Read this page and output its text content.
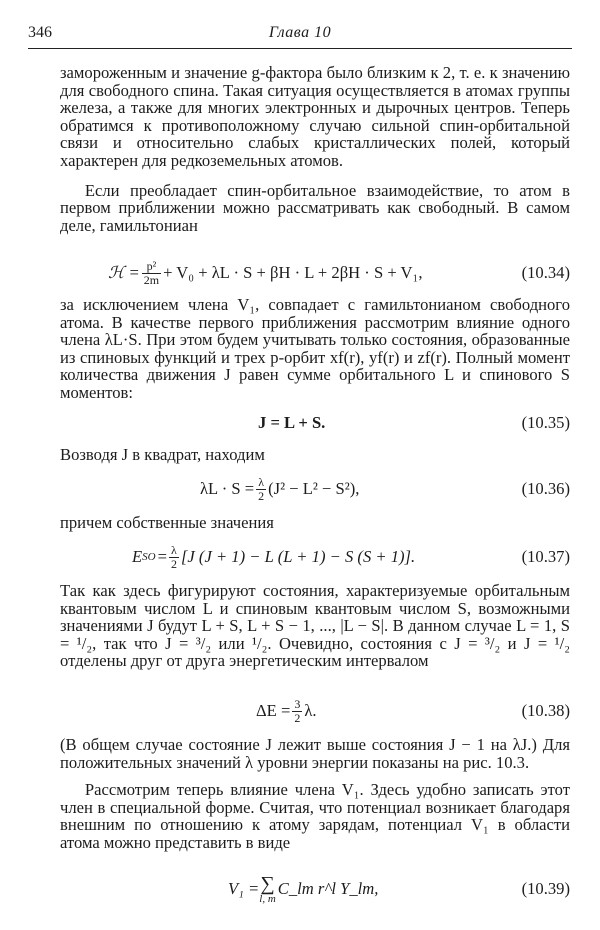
346	Глава 10

замороженным и значение g-фактора было близким к 2, т. е. к значению для свободного спина. Такая ситуация осуществляется в атомах группы железа, а также для многих электронных и дырочных центров. Теперь обратимся к противоположному случаю сильной спин-орбитальной связи и относительно слабых кристаллических полей, который характерен для редкоземельных атомов.

Если преобладает спин-орбитальное взаимодействие, то атом в первом приближении можно рассматривать как свободный. В самом деле, гамильтониан

ℋ = $\frac{\text{p²}}{2m} + V_0 + \lambda L \cdot S + \beta H \cdot L + 2\beta H \cdot S + V_1$,	(10.34)

за исключением члена V₁, совпадает с гамильтонианом свободного атома. В качестве первого приближения рассмотрим влияние одного члена λL·S. При этом будем учитывать только состояния, образованные из спиновых функций и трех p-орбит xf(r), yf(r) и zf(r). Полный момент количества движения J равен сумме орбитального L и спинового S моментов:

J = L + S.	(10.35)

Возводя J в квадрат, находим

$\lambda L \cdot S = \frac{\lambda}{2} (J^2 - L^2 - S^2)$,	(10.36)

причем собственные значения

E SO = $\frac{\lambda}{2} [J$ (J + 1) − L (L + 1) − S (S + 1)].	(10.37)

Так как здесь фигурируют состояния, характеризуемые орбитальным квантовым числом L и спиновым квантовым числом S, возможными значениями J будут L + S, L + S − 1, ..., |L − S|. В данном случае L = 1, S = ¹/₂, так что J = ³/₂ или ¹/₂. Очевидно, состояния с J = ³/₂ и J = ¹/₂ отделены друг от друга энергетическим интервалом

$\Delta E = \frac{3}{2} \lambda$.	(10.38)

(В общем случае состояние J лежит выше состояния J − 1 на λJ.) Для положительных значений λ уровни энергии показаны на рис. 10.3.

Рассмотрим теперь влияние члена V₁. Здесь удобно записать этот член в специальной форме. Считая, что потенциал возникает благодаря внешним по отношению к атому зарядам, потенциал V₁ в области атома можно представить в виде

V₁ = ∑
l, m
C_lm r^l Y_lm,	(10.39)
